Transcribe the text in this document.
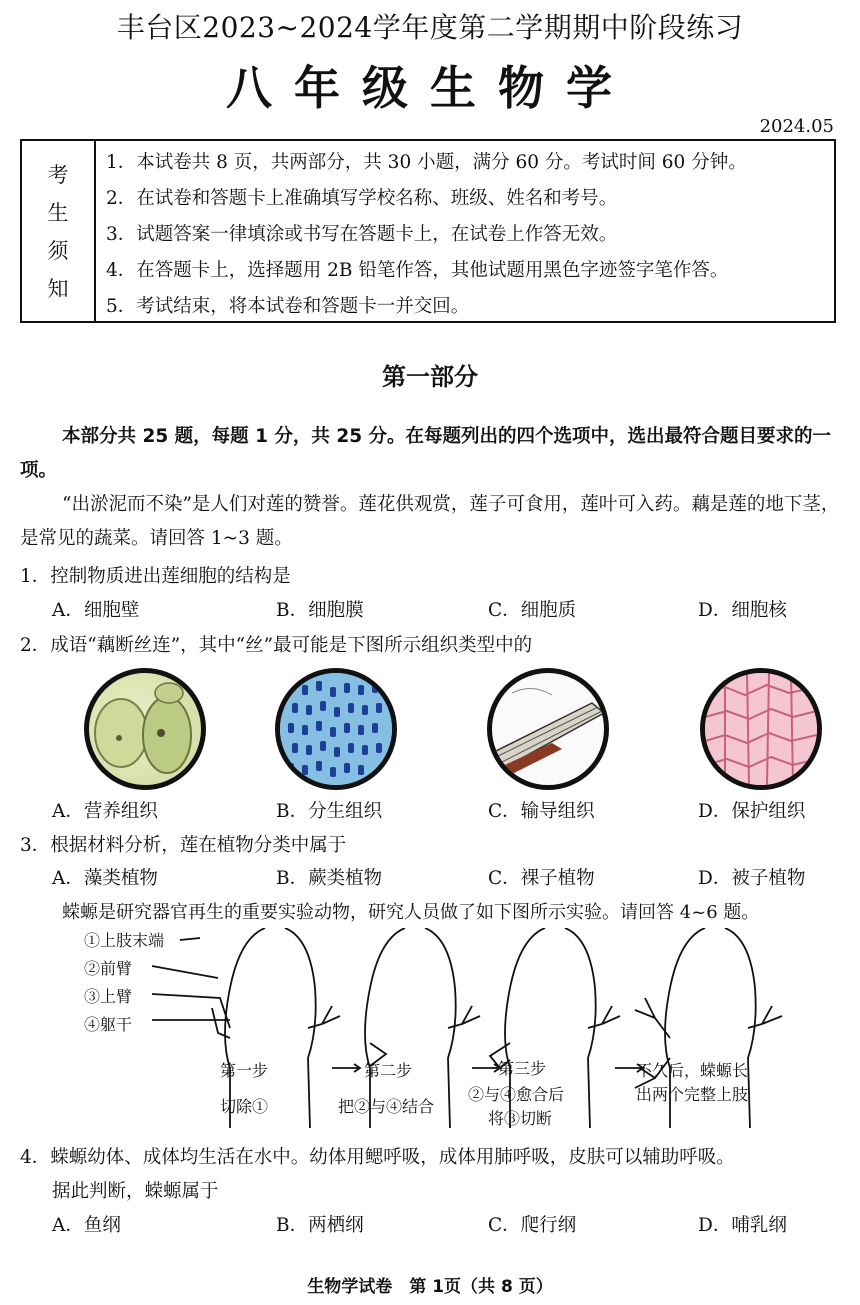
丰台区2023~2024学年度第二学期期中阶段练习
八年级生物学
2024.05
考
生
须
知
1．本试卷共 8 页，共两部分，共 30 小题，满分 60 分。考试时间 60 分钟。
2．在试卷和答题卡上准确填写学校名称、班级、姓名和考号。
3．试题答案一律填涂或书写在答题卡上，在试卷上作答无效。
4．在答题卡上，选择题用 2B 铅笔作答，其他试题用黑色字迹签字笔作答。
5．考试结束，将本试卷和答题卡一并交回。
第一部分
本部分共 25 题，每题 1 分，共 25 分。在每题列出的四个选项中，选出最符合题目要求的一项。
“出淤泥而不染”是人们对莲的赞誉。莲花供观赏，莲子可食用，莲叶可入药。藕是莲的地下茎，是常见的蔬菜。请回答 1~3 题。
1．控制物质进出莲细胞的结构是
A．细胞壁	B．细胞膜	C．细胞质	D．细胞核
2．成语“藕断丝连”，其中“丝”最可能是下图所示组织类型中的
A．营养组织	B．分生组织	C．输导组织	D．保护组织
3．根据材料分析，莲在植物分类中属于
A．藻类植物	B．蕨类植物	C．裸子植物	D．被子植物
蝾螈是研究器官再生的重要实验动物，研究人员做了如下图所示实验。请回答 4~6 题。
①上肢末端
②前臂
③上臂
④躯干
第一步
切除①
第二步
把②与④结合
第三步
②与④愈合后
将③切断
不久后，蝾螈长
出两个完整上肢
4．蝾螈幼体、成体均生活在水中。幼体用鳃呼吸，成体用肺呼吸，皮肤可以辅助呼吸。
据此判断，蝾螈属于
A．鱼纲	B．两栖纲	C．爬行纲	D．哺乳纲
生物学试卷　第 1页（共 8 页）
